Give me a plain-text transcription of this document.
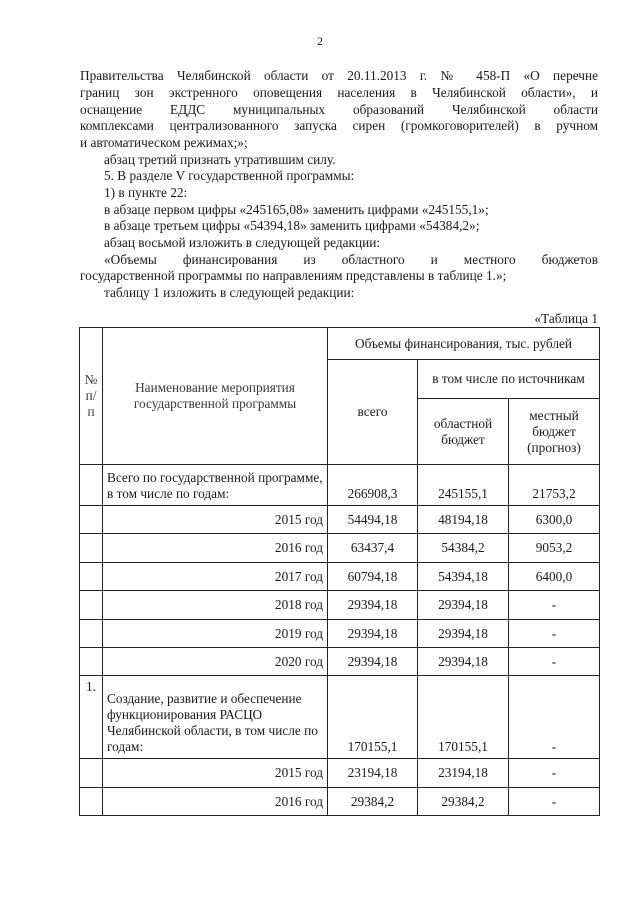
2
Правительства Челябинской области от 20.11.2013 г. № 458-П «О перечне
границ зон экстренного оповещения населения в Челябинской области», и
оснащение ЕДДС муниципальных образований Челябинской области
комплексами централизованного запуска сирен (громкоговорителей) в ручном
и автоматическом режимах;»;
абзац третий признать утратившим силу.
5. В разделе V государственной программы:
1) в пункте 22:
в абзаце первом цифры «245165,08» заменить цифрами «245155,1»;
в абзаце третьем цифры «54394,18» заменить цифрами «54384,2»;
абзац восьмой изложить в следующей редакции:
«Объемы финансирования из областного и местного бюджетов
государственной программы по направлениям представлены в таблице 1.»;
таблицу 1 изложить в следующей редакции:
«Таблица 1
№ п/п	Наименование мероприятия государственной программы	Объемы финансирования, тыс. рублей		
		всего	в том числе по источникам	
			областной бюджет	местный бюджет (прогноз)
	Всего по государственной программе, в том числе по годам:	266908,3	245155,1	21753,2
	2015 год	54494,18	48194,18	6300,0
	2016 год	63437,4	54384,2	9053,2
	2017 год	60794,18	54394,18	6400,0
	2018 год	29394,18	29394,18	-
	2019 год	29394,18	29394,18	-
	2020 год	29394,18	29394,18	-
1.	Создание, развитие и обеспечение функционирования РАСЦО Челябинской области, в том числе по годам:	170155,1	170155,1	-
	2015 год	23194,18	23194,18	-
	2016 год	29384,2	29384,2	-
